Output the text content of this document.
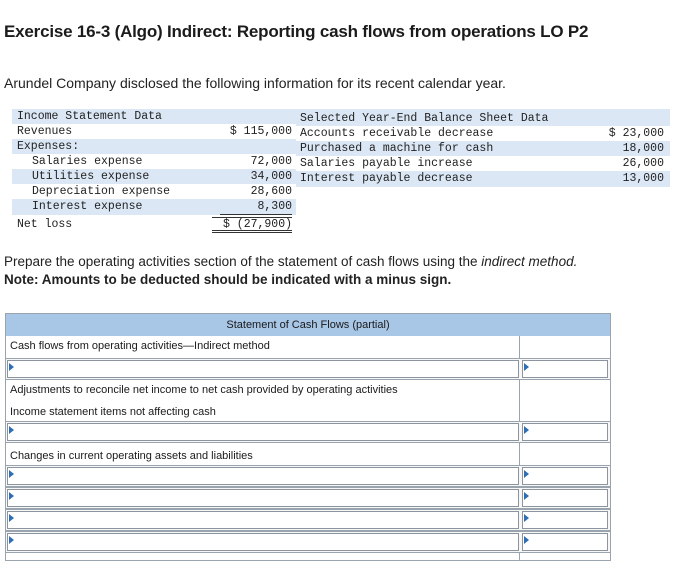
Exercise 16-3 (Algo) Indirect: Reporting cash flows from operations LO P2
Arundel Company disclosed the following information for its recent calendar year.
Income Statement Data
Revenues	$ 115,000
Expenses:
Salaries expense	72,000
Utilities expense	34,000
Depreciation expense	28,600
Interest expense	8,300
Net loss	$ (27,900)
Selected Year-End Balance Sheet Data
Accounts receivable decrease	$ 23,000
Purchased a machine for cash	18,000
Salaries payable increase	26,000
Interest payable decrease	13,000
Prepare the operating activities section of the statement of cash flows using the indirect method.
Note: Amounts to be deducted should be indicated with a minus sign.
Statement of Cash Flows (partial)
Cash flows from operating activities—Indirect method
Adjustments to reconcile net income to net cash provided by operating activities
Income statement items not affecting cash
Changes in current operating assets and liabilities
